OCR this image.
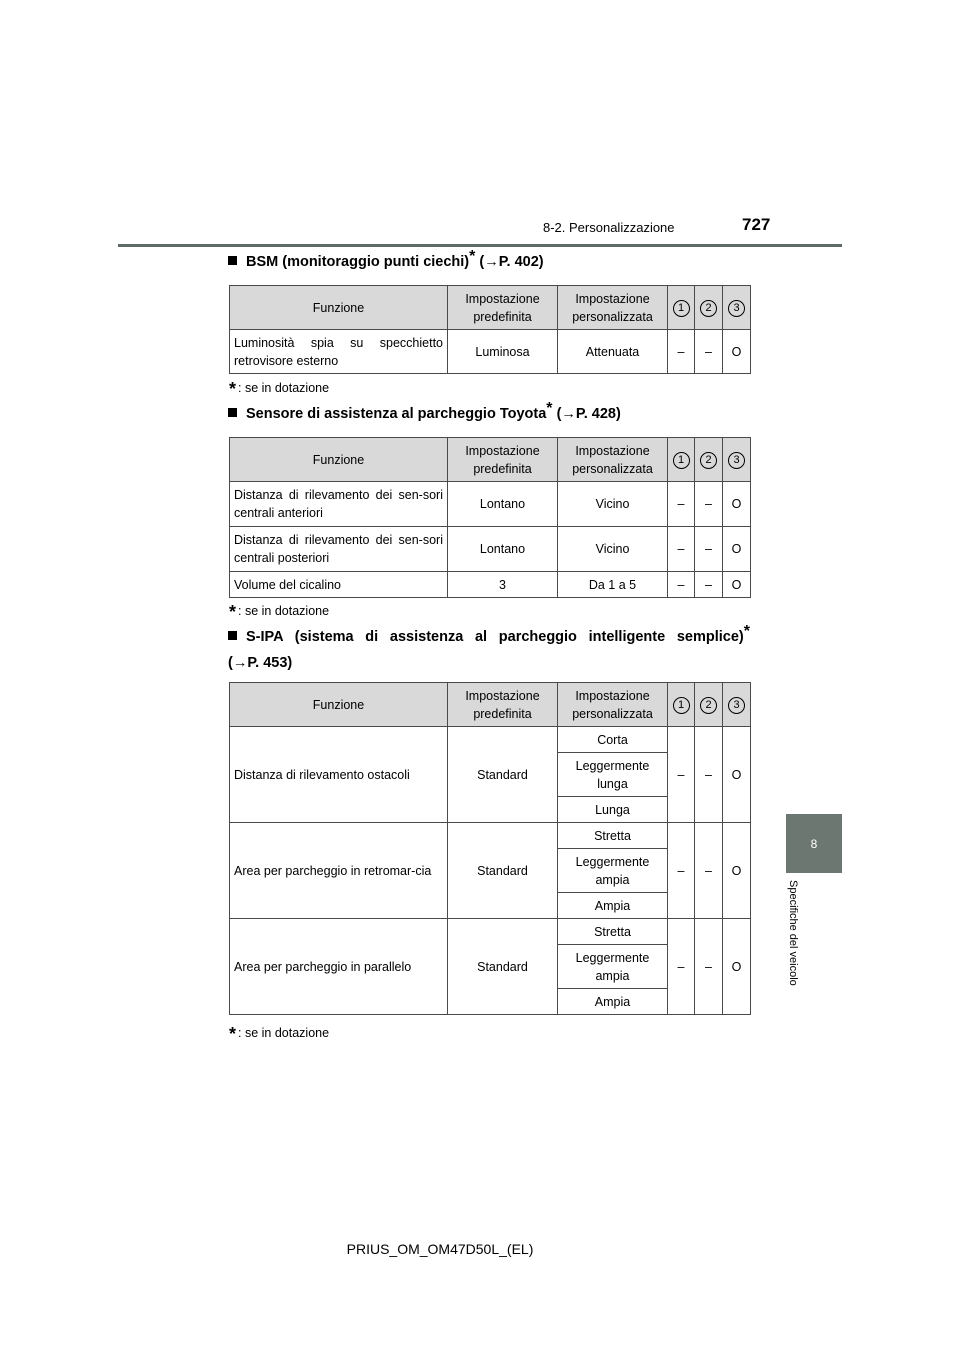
8-2. Personalizzazione	727
8
Specifiche del veicolo
BSM (monitoraggio punti ciechi)* (→P. 402)
Funzione	Impostazione predefinita	Impostazione personalizzata	1	2	3
Luminosità spia su specchietto retrovisore esterno	Luminosa	Attenuata	–	–	O
* : se in dotazione
Sensore di assistenza al parcheggio Toyota* (→P. 428)
Funzione	Impostazione predefinita	Impostazione personalizzata	1	2	3
Distanza di rilevamento dei sen-sori centrali anteriori	Lontano	Vicino	–	–	O
Distanza di rilevamento dei sen-sori centrali posteriori	Lontano	Vicino	–	–	O
Volume del cicalino	3	Da 1 a 5	–	–	O
* : se in dotazione
S-IPA (sistema di assistenza al parcheggio intelligente semplice)*
(→P. 453)
Funzione	Impostazione predefinita	Impostazione personalizzata	1	2	3
Distanza di rilevamento ostacoli	Standard	Corta	–	–	O
		Leggermente lunga			
		Lunga			
Area per parcheggio in retromar-cia	Standard	Stretta	–	–	O
		Leggermente ampia			
		Ampia			
Area per parcheggio in parallelo	Standard	Stretta	–	–	O
		Leggermente ampia			
		Ampia			
* : se in dotazione
PRIUS_OM_OM47D50L_(EL)
